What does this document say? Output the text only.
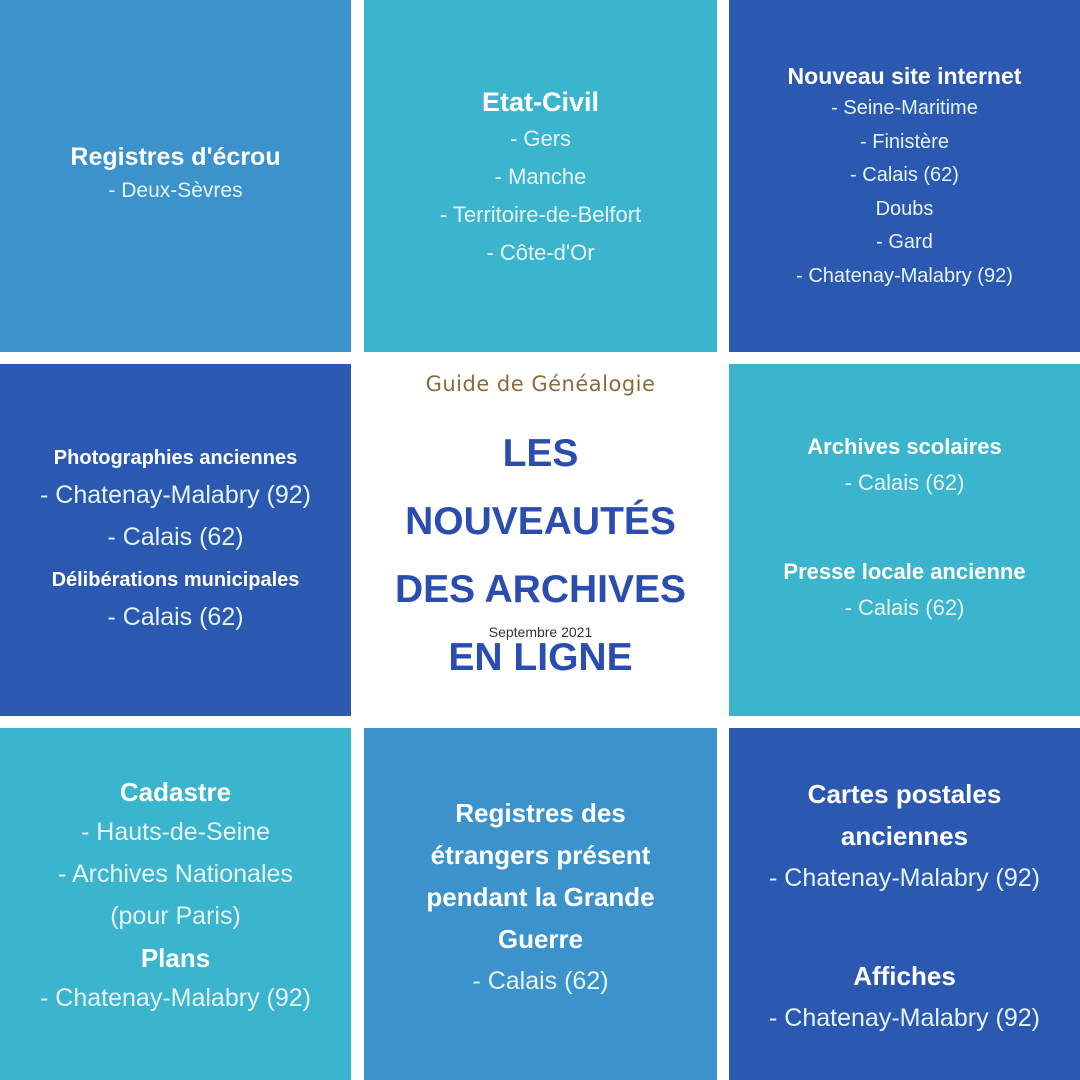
Registres d'écrou
- Deux-Sèvres
Etat-Civil
- Gers
- Manche
- Territoire-de-Belfort
- Côte-d'Or
Nouveau site internet
- Seine-Maritime
- Finistère
- Calais (62)
Doubs
- Gard
- Chatenay-Malabry (92)
Photographies anciennes
- Chatenay-Malabry (92)
- Calais (62)
Délibérations municipales
- Calais (62)
Guide de Généalogie
LES NOUVEAUTÉS
DES ARCHIVES
EN LIGNE
Septembre 2021
Archives scolaires
- Calais (62)
Presse locale ancienne
- Calais (62)
Cadastre
- Hauts-de-Seine
- Archives Nationales
(pour Paris)
Plans
- Chatenay-Malabry (92)
Registres des
étrangers présent
pendant la Grande
Guerre
- Calais (62)
Cartes postales
anciennes
- Chatenay-Malabry (92)
Affiches
- Chatenay-Malabry (92)
